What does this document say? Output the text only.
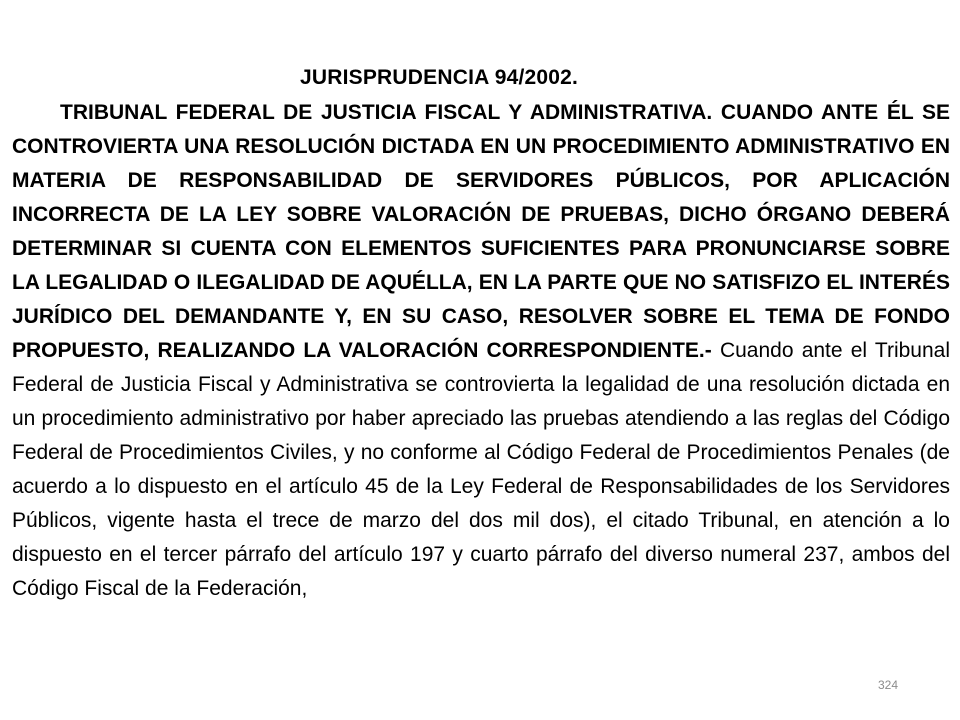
JURISPRUDENCIA 94/2002.

TRIBUNAL FEDERAL DE JUSTICIA FISCAL Y ADMINISTRATIVA. CUANDO ANTE ÉL SE CONTROVIERTA UNA RESOLUCIÓN DICTADA EN UN PROCEDIMIENTO ADMINISTRATIVO EN MATERIA DE RESPONSABILIDAD DE SERVIDORES PÚBLICOS, POR APLICACIÓN INCORRECTA DE LA LEY SOBRE VALORACIÓN DE PRUEBAS, DICHO ÓRGANO DEBERÁ DETERMINAR SI CUENTA CON ELEMENTOS SUFICIENTES PARA PRONUNCIARSE SOBRE LA LEGALIDAD O ILEGALIDAD DE AQUÉLLA, EN LA PARTE QUE NO SATISFIZO EL INTERÉS JURÍDICO DEL DEMANDANTE Y, EN SU CASO, RESOLVER SOBRE EL TEMA DE FONDO PROPUESTO, REALIZANDO LA VALORACIÓN CORRESPONDIENTE.- Cuando ante el Tribunal Federal de Justicia Fiscal y Administrativa se controvierta la legalidad de una resolución dictada en un procedimiento administrativo por haber apreciado las pruebas atendiendo a las reglas del Código Federal de Procedimientos Civiles, y no conforme al Código Federal de Procedimientos Penales (de acuerdo a lo dispuesto en el artículo 45 de la Ley Federal de Responsabilidades de los Servidores Públicos, vigente hasta el trece de marzo del dos mil dos), el citado Tribunal, en atención a lo dispuesto en el tercer párrafo del artículo 197 y cuarto párrafo del diverso numeral 237, ambos del Código Fiscal de la Federación,

324
